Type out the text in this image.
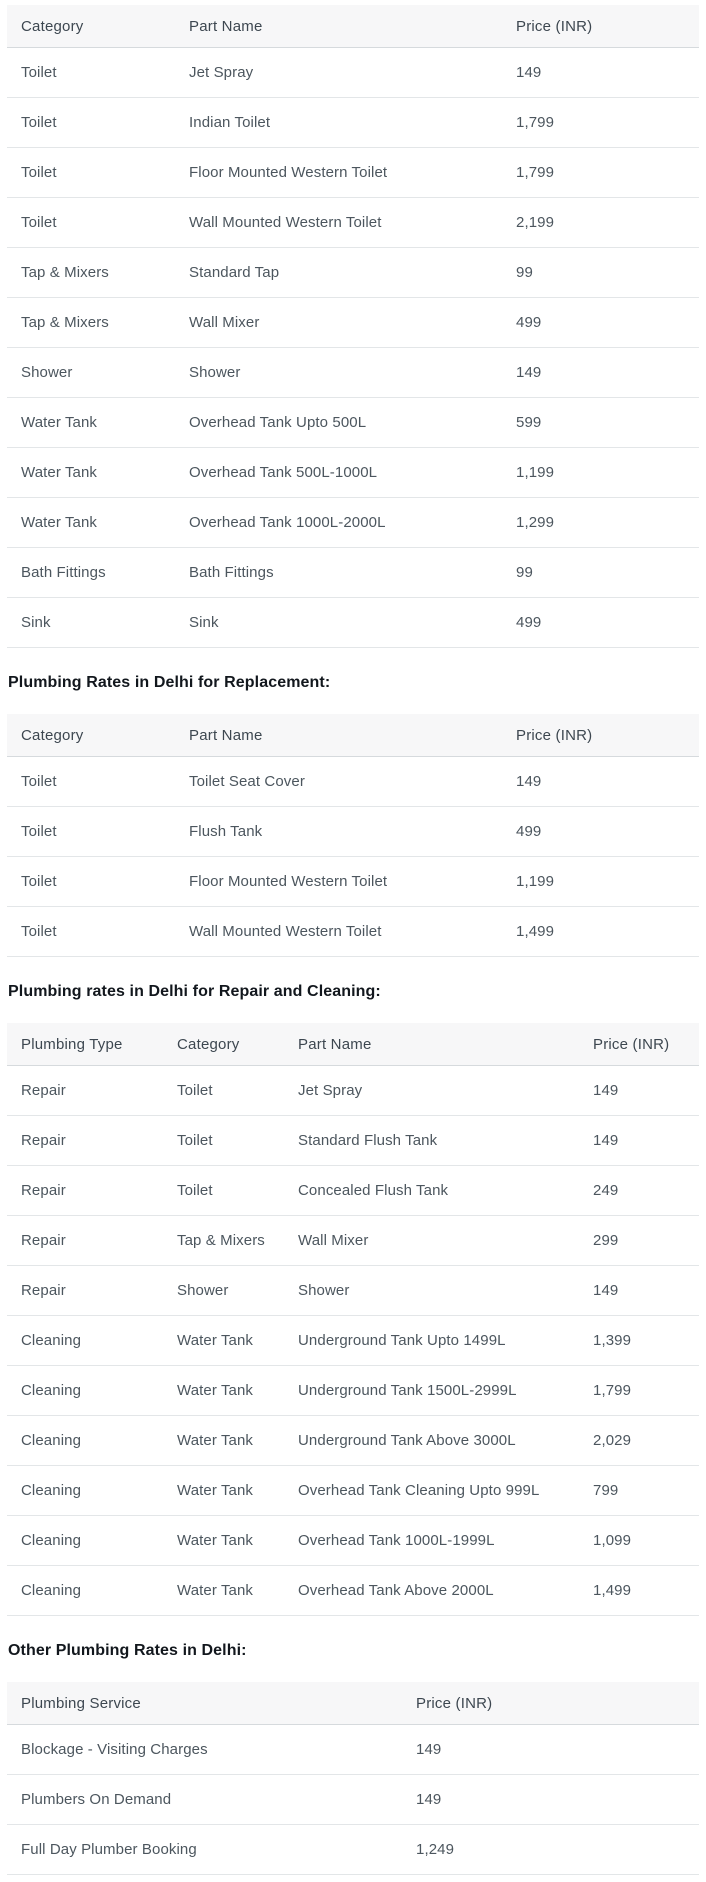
Category	Part Name	Price (INR)
Toilet	Jet Spray	149
Toilet	Indian Toilet	1,799
Toilet	Floor Mounted Western Toilet	1,799
Toilet	Wall Mounted Western Toilet	2,199
Tap & Mixers	Standard Tap	99
Tap & Mixers	Wall Mixer	499
Shower	Shower	149
Water Tank	Overhead Tank Upto 500L	599
Water Tank	Overhead Tank 500L-1000L	1,199
Water Tank	Overhead Tank 1000L-2000L	1,299
Bath Fittings	Bath Fittings	99
Sink	Sink	499
Plumbing Rates in Delhi for Replacement:
Category	Part Name	Price (INR)
Toilet	Toilet Seat Cover	149
Toilet	Flush Tank	499
Toilet	Floor Mounted Western Toilet	1,199
Toilet	Wall Mounted Western Toilet	1,499
Plumbing rates in Delhi for Repair and Cleaning:
Plumbing Type	Category	Part Name	Price (INR)
Repair	Toilet	Jet Spray	149
Repair	Toilet	Standard Flush Tank	149
Repair	Toilet	Concealed Flush Tank	249
Repair	Tap & Mixers	Wall Mixer	299
Repair	Shower	Shower	149
Cleaning	Water Tank	Underground Tank Upto 1499L	1,399
Cleaning	Water Tank	Underground Tank 1500L-2999L	1,799
Cleaning	Water Tank	Underground Tank Above 3000L	2,029
Cleaning	Water Tank	Overhead Tank Cleaning Upto 999L	799
Cleaning	Water Tank	Overhead Tank 1000L-1999L	1,099
Cleaning	Water Tank	Overhead Tank Above 2000L	1,499
Other Plumbing Rates in Delhi:
Plumbing Service	Price (INR)
Blockage - Visiting Charges	149
Plumbers On Demand	149
Full Day Plumber Booking	1,249
